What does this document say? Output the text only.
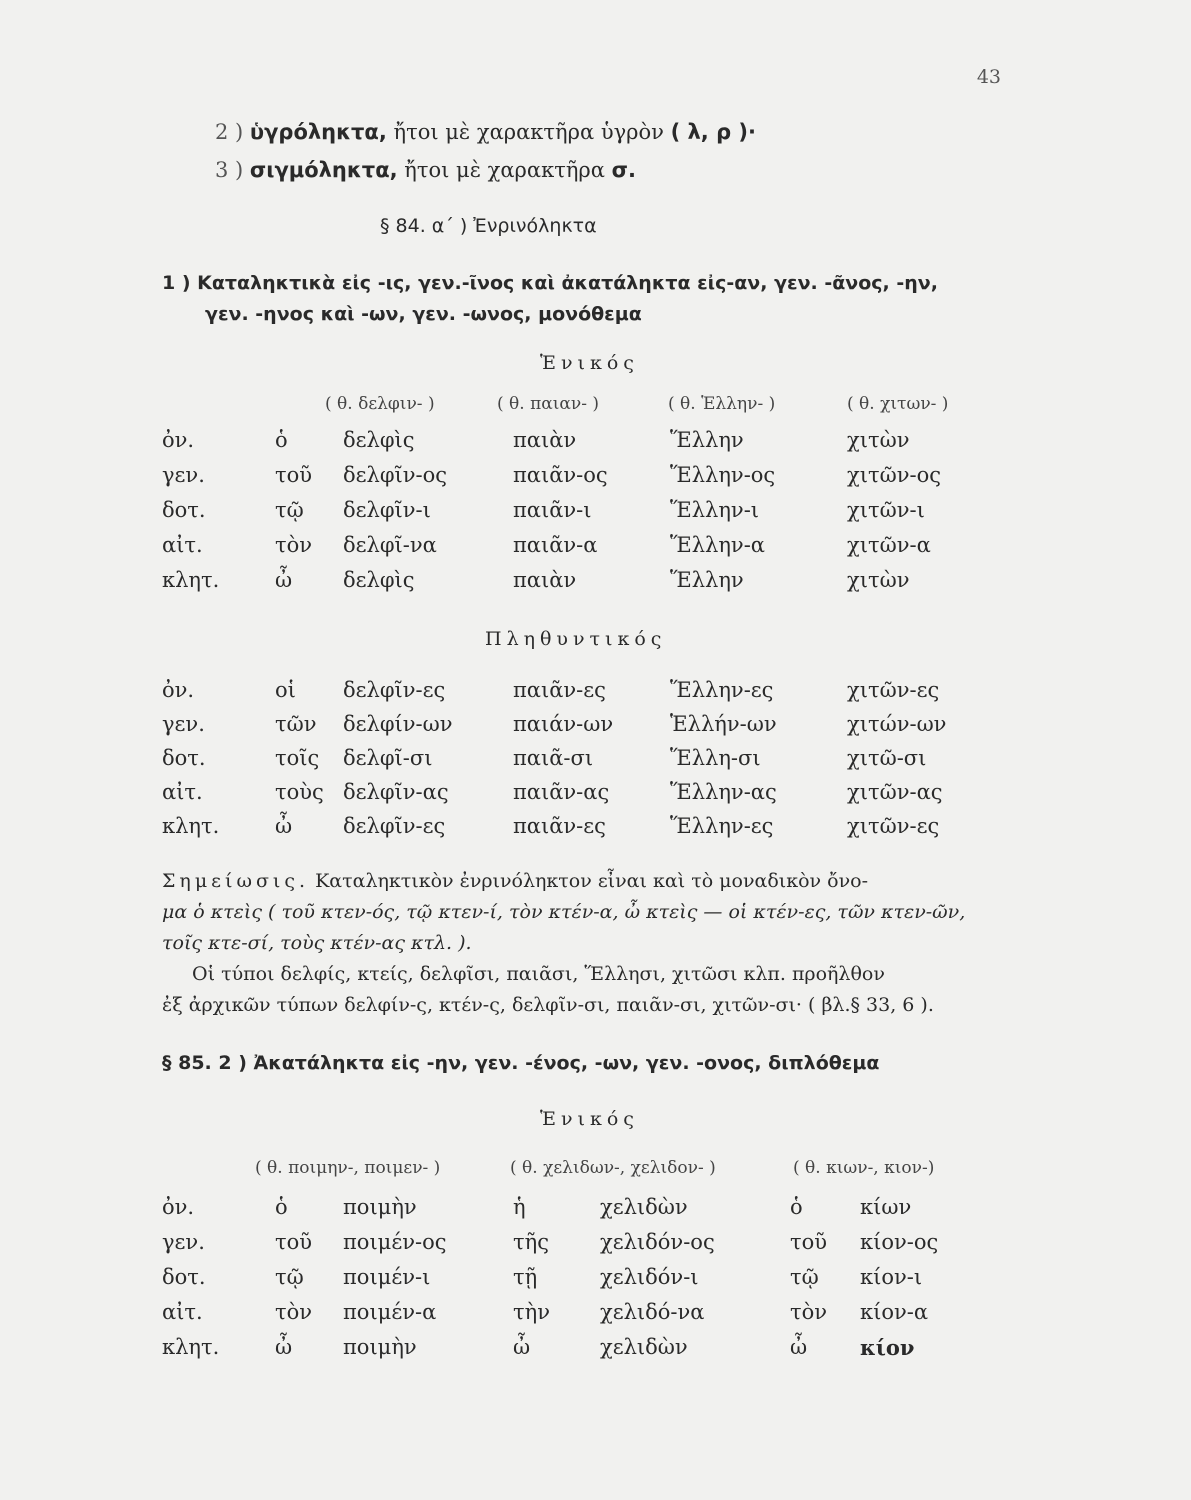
43
2 ) ὑγρόληκτα, ἤτοι μὲ χαρακτῆρα ὑγρὸν ( λ, ρ )·
3 ) σιγμόληκτα, ἤτοι μὲ χαρακτῆρα σ.
§ 84. α΄ ) Ἐνρινόληκτα
1 ) Καταληκτικὰ εἰς -ις, γεν.-ῖνος καὶ ἀκατάληκτα εἰς-αν, γεν. -ᾶνος, -ην,
γεν. -ηνος καὶ -ων, γεν. -ωνος, μονόθεμα
Ἑνικός
( θ. δελφιν- )	( θ. παιαν- )	( θ. Ἑλλην- )	( θ. χιτων- )
ὀν.	ὁ	δελφὶς	παιὰν	Ἕλλην	χιτὼν
γεν.	τοῦ δελφῖν-ος	παιᾶν-ος	Ἕλλην-ος	χιτῶν-ος
δοτ.	τῷ δελφῖν-ι	παιᾶν-ι	Ἕλλην-ι	χιτῶν-ι
αἰτ.	τὸν δελφῖ-να	παιᾶν-α	Ἕλλην-α	χιτῶν-α
κλητ.	ὦ δελφὶς	παιὰν	Ἕλλην	χιτὼν
Πληθυντικός
ὀν.	οἱ δελφῖν-ες	παιᾶν-ες	Ἕλλην-ες	χιτῶν-ες
γεν.	τῶν δελφίν-ων	παιάν-ων	Ἑλλήν-ων	χιτών-ων
δοτ.	τοῖς δελφῖ-σι	παιᾶ-σι	Ἕλλη-σι	χιτῶ-σι
αἰτ.	τοὺς δελφῖν-ας	παιᾶν-ας	Ἕλλην-ας	χιτῶν-ας
κλητ.	ὦ δελφῖν-ες	παιᾶν-ες	Ἕλλην-ες	χιτῶν-ες
Σημείωσις. Καταληκτικὸν ἐνρινόληκτον εἶναι καὶ τὸ μοναδικὸν ὄνο-
μα ὁ κτεὶς ( τοῦ κτεν-ός, τῷ κτεν-ί, τὸν κτέν-α, ὦ κτεὶς — οἱ κτέν-ες, τῶν κτεν-ῶν,
τοῖς κτε-σί, τοὺς κτέν-ας κτλ. ).
Οἱ τύποι δελφίς, κτείς, δελφῖσι, παιᾶσι, Ἕλλησι, χιτῶσι κλπ. προῆλθον
ἐξ ἀρχικῶν τύπων δελφίν-ς, κτέν-ς, δελφῖν-σι, παιᾶν-σι, χιτῶν-σι· ( βλ.§ 33, 6 ).
§ 85. 2 ) Ἀκατάληκτα εἰς -ην, γεν. -ένος, -ων, γεν. -ονος, διπλόθεμα
Ἑνικός
( θ. ποιμην-, ποιμεν- )	( θ. χελιδων-, χελιδον- )	( θ. κιων-, κιον-)
ὀν.	ὁ	ποιμὴν	ἡ	χελιδὼν	ὁ	κίων
γεν.	τοῦ ποιμέν-ος	τῆς χελιδόν-ος	τοῦ κίον-ος
δοτ.	τῷ ποιμέν-ι	τῇ	χελιδόν-ι	τῷ κίον-ι
αἰτ.	τὸν ποιμέν-α	τὴν χελιδό-να	τὸν κίον-α
κλητ.	ὦ ποιμὴν	ὦ	χελιδὼν	ὦ	κίον
